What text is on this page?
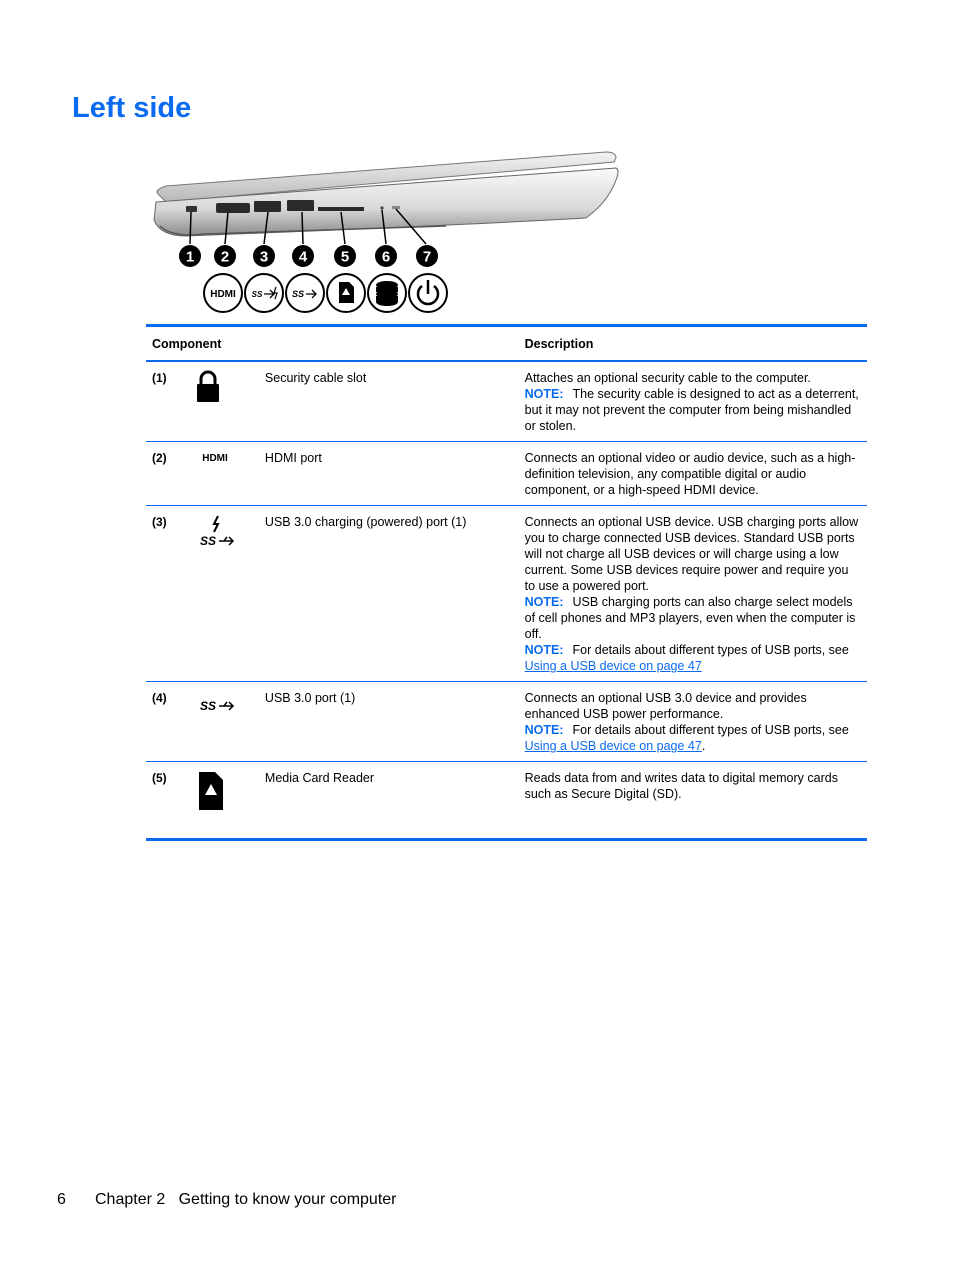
Left side
1 2 3 4 5 6 7
HDMI SS	SS
Component			Description
(1)		Security cable slot	Attaches an optional security cable to the computer.

NOTE: The security cable is designed to act as a deterrent, but it may not prevent the computer from being mishandled or stolen.

(2)	HDMI	HDMI port	Connects an optional video or audio device, such as a high-definition television, any compatible digital or audio component, or a high-speed HDMI device.

(3)	SS	USB 3.0 charging (powered) port (1)	Connects an optional USB device. USB charging ports allow you to charge connected USB devices. Standard USB ports will not charge all USB devices or will charge using a low current. Some USB devices require power and require you to use a powered port.

NOTE: USB charging ports can also charge select models of cell phones and MP3 players, even when the computer is off.

NOTE: For details about different types of USB ports, see Using a USB device on page 47

(4)	SS	USB 3.0 port (1)	Connects an optional USB 3.0 device and provides enhanced USB power performance.

NOTE: For details about different types of USB ports, see Using a USB device on page 47.

(5)		Media Card Reader	Reads data from and writes data to digital memory cards such as Secure Digital (SD).

6 Chapter 2 Getting to know your computer
